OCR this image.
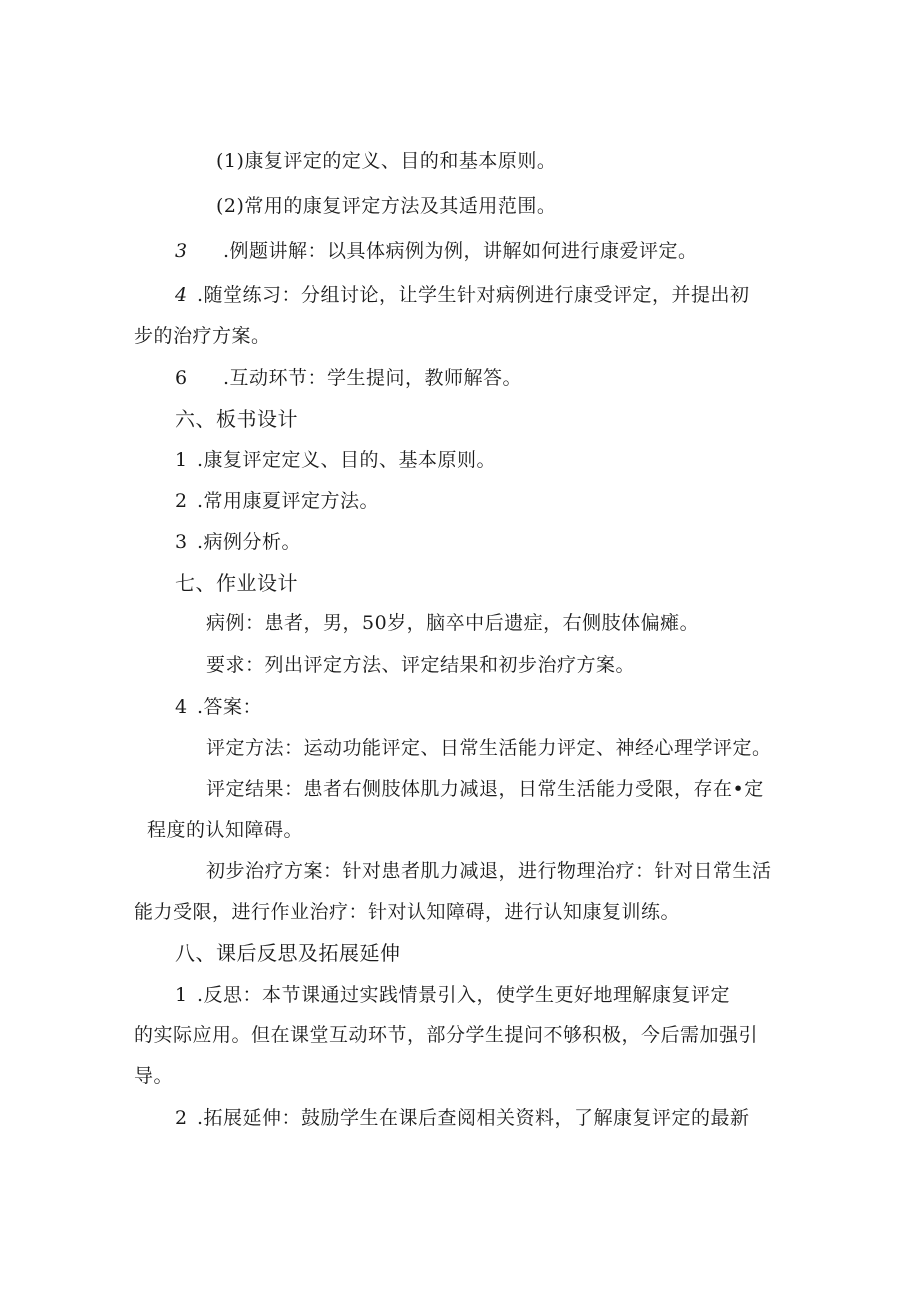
(1)康复评定的定义、目的和基本原则。
(2)常用的康复评定方法及其适用范围。
3 .例题讲解：以具体病例为例，讲解如何进行康爱评定。
4 .随堂练习：分组讨论，让学生针对病例进行康受评定，并提出初
步的治疗方案。
6 .互动环节：学生提问，教师解答。
六、板书设计
1 .康复评定定义、目的、基本原则。
2 .常用康夏评定方法。
3 .病例分析。
七、作业设计
病例：患者，男，50岁，脑卒中后遗症，右侧肢体偏瘫。
要求：列出评定方法、评定结果和初步治疗方案。
4 .答案：
评定方法：运动功能评定、日常生活能力评定、神经心理学评定。
评定结果：患者右侧肢体肌力减退，日常生活能力受限，存在•定
程度的认知障碍。
初步治疗方案：针对患者肌力减退，进行物理治疗：针对日常生活
能力受限，进行作业治疗：针对认知障碍，进行认知康复训练。
八、课后反思及拓展延伸
1 .反思：本节课通过实践情景引入，使学生更好地理解康复评定
的实际应用。但在课堂互动环节，部分学生提问不够积极，今后需加强引
导。
2 .拓展延伸：鼓励学生在课后查阅相关资料，了解康复评定的最新
